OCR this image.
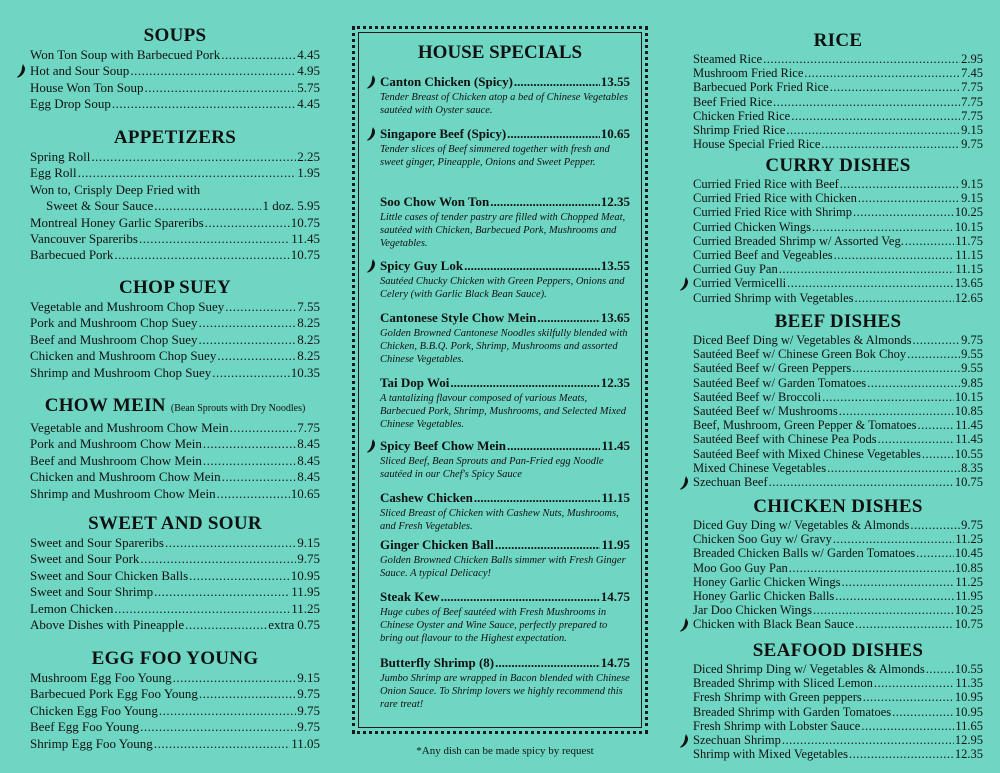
SOUPS
Won Ton Soup with Barbecued Pork .....	4.45
Hot and Sour Soup .....	4.95
House Won Ton Soup .....	5.75
Egg Drop Soup .....	4.45
APPETIZERS
Spring Roll .....	2.25
Egg Roll .....	1.95
Won to, Crisply Deep Fried with
Sweet & Sour Sauce .....	1 doz. 5.95
Montreal Honey Garlic Spareribs .....	10.75
Vancouver Spareribs .....	11.45
Barbecued Pork .....	10.75
CHOP SUEY
Vegetable and Mushroom Chop Suey .....	7.55
Pork and Mushroom Chop Suey .....	8.25
Beef and Mushroom Chop Suey .....	8.25
Chicken and Mushroom Chop Suey .....	8.25
Shrimp and Mushroom Chop Suey .....	10.35
CHOW MEIN (Bean Sprouts with Dry Noodles)
Vegetable and Mushroom Chow Mein .....	7.75
Pork and Mushroom Chow Mein .....	8.45
Beef and Mushroom Chow Mein .....	8.45
Chicken and Mushroom Chow Mein .....	8.45
Shrimp and Mushroom Chow Mein .....	10.65
SWEET AND SOUR
Sweet and Sour Spareribs .....	9.15
Sweet and Sour Pork .....	9.75
Sweet and Sour Chicken Balls .....	10.95
Sweet and Sour Shrimp .....	11.95
Lemon Chicken .....	11.25
Above Dishes with Pineapple .....	extra 0.75
EGG FOO YOUNG
Mushroom Egg Foo Young .....	9.15
Barbecued Pork Egg Foo Young .....	9.75
Chicken Egg Foo Young .....	9.75
Beef Egg Foo Young .....	9.75
Shrimp Egg Foo Young .....	11.05
HOUSE SPECIALS
Canton Chicken (Spicy) .....	13.55
Tender Breast of Chicken atop a bed of Chinese Vegetables sautéed with Oyster sauce.
Singapore Beef (Spicy) .....	10.65
Tender slices of Beef simmered together with fresh and sweet ginger, Pineapple, Onions and Sweet Pepper.
Soo Chow Won Ton .....	12.35
Little cases of tender pastry are filled with Chopped Meat, sautéed with Chicken, Barbecued Pork, Mushrooms and Vegetables.
Spicy Guy Lok .....	13.55
Sautéed Chucky Chicken with Green Peppers, Onions and Celery (with Garlic Black Bean Sauce).
Cantonese Style Chow Mein .....	13.65
Golden Browned Cantonese Noodles skilfully blended with Chicken, B.B.Q. Pork, Shrimp, Mushrooms and assorted Chinese Vegetables.
Tai Dop Woi .....	12.35
A tantalizing flavour composed of various Meats, Barbecued Pork, Shrimp, Mushrooms, and Selected Mixed Chinese Vegetables.
Spicy Beef Chow Mein .....	11.45
Sliced Beef, Bean Sprouts and Pan-Fried egg Noodle sautéed in our Chef's Spicy Sauce
Cashew Chicken .....	11.15
Sliced Breast of Chicken with Cashew Nuts, Mushrooms, and Fresh Vegetables.
Ginger Chicken Ball .....	11.95
Golden Browned Chicken Balls simmer with Fresh Ginger Sauce. A typical Delicacy!
Steak Kew .....	14.75
Huge cubes of Beef sautéed with Fresh Mushrooms in Chinese Oyster and Wine Sauce, perfectly prepared to bring out flavour to the Highest expectation.
Butterfly Shrimp (8) .....	14.75
Jumbo Shrimp are wrapped in Bacon blended with Chinese Onion Sauce. To Shrimp lovers we highly recommend this rare treat!
*Any dish can be made spicy by request
RICE
Steamed Rice .....	2.95
Mushroom Fried Rice .....	7.45
Barbecued Pork Fried Rice .....	7.75
Beef Fried Rice .....	7.75
Chicken Fried Rice .....	7.75
Shrimp Fried Rice .....	9.15
House Special Fried Rice .....	9.75
CURRY DISHES
Curried Fried Rice with Beef .....	9.15
Curried Fried Rice with Chicken .....	9.15
Curried Fried Rice with Shrimp .....	10.25
Curried Chicken Wings .....	10.15
Curried Breaded Shrimp w/ Assorted Veg. .....	11.75
Curried Beef and Vegeables .....	11.15
Curried Guy Pan .....	11.15
Curried Vermicelli .....	13.65
Curried Shrimp with Vegetables .....	12.65
BEEF DISHES
Diced Beef Ding w/ Vegetables & Almonds .....	9.75
Sautéed Beef w/ Chinese Green Bok Choy .....	9.55
Sautéed Beef w/ Green Peppers .....	9.55
Sautéed Beef w/ Garden Tomatoes .....	9.85
Sautéed Beef w/ Broccoli .....	10.15
Sautéed Beef w/ Mushrooms .....	10.85
Beef, Mushroom, Green Pepper & Tomatoes .....	11.45
Sautéed Beef with Chinese Pea Pods .....	11.45
Sautéed Beef with Mixed Chinese Vegetables .....	10.55
Mixed Chinese Vegetables .....	8.35
Szechuan Beef .....	10.75
CHICKEN DISHES
Diced Guy Ding w/ Vegetables & Almonds .....	9.75
Chicken Soo Guy w/ Gravy .....	11.25
Breaded Chicken Balls w/ Garden Tomatoes .....	10.45
Moo Goo Guy Pan .....	10.85
Honey Garlic Chicken Wings .....	11.25
Honey Garlic Chicken Balls .....	11.95
Jar Doo Chicken Wings .....	10.25
Chicken with Black Bean Sauce .....	10.75
SEAFOOD DISHES
Diced Shrimp Ding w/ Vegetables & Almonds ..... 10.55
Breaded Shrimp with Sliced Lemon .....	11.35
Fresh Shrimp with Green peppers .....	10.95
Breaded Shrimp with Garden Tomatoes .....	10.95
Fresh Shrimp with Lobster Sauce .....	11.65
Szechuan Shrimp .....	12.95
Shrimp with Mixed Vegetables .....	12.35
